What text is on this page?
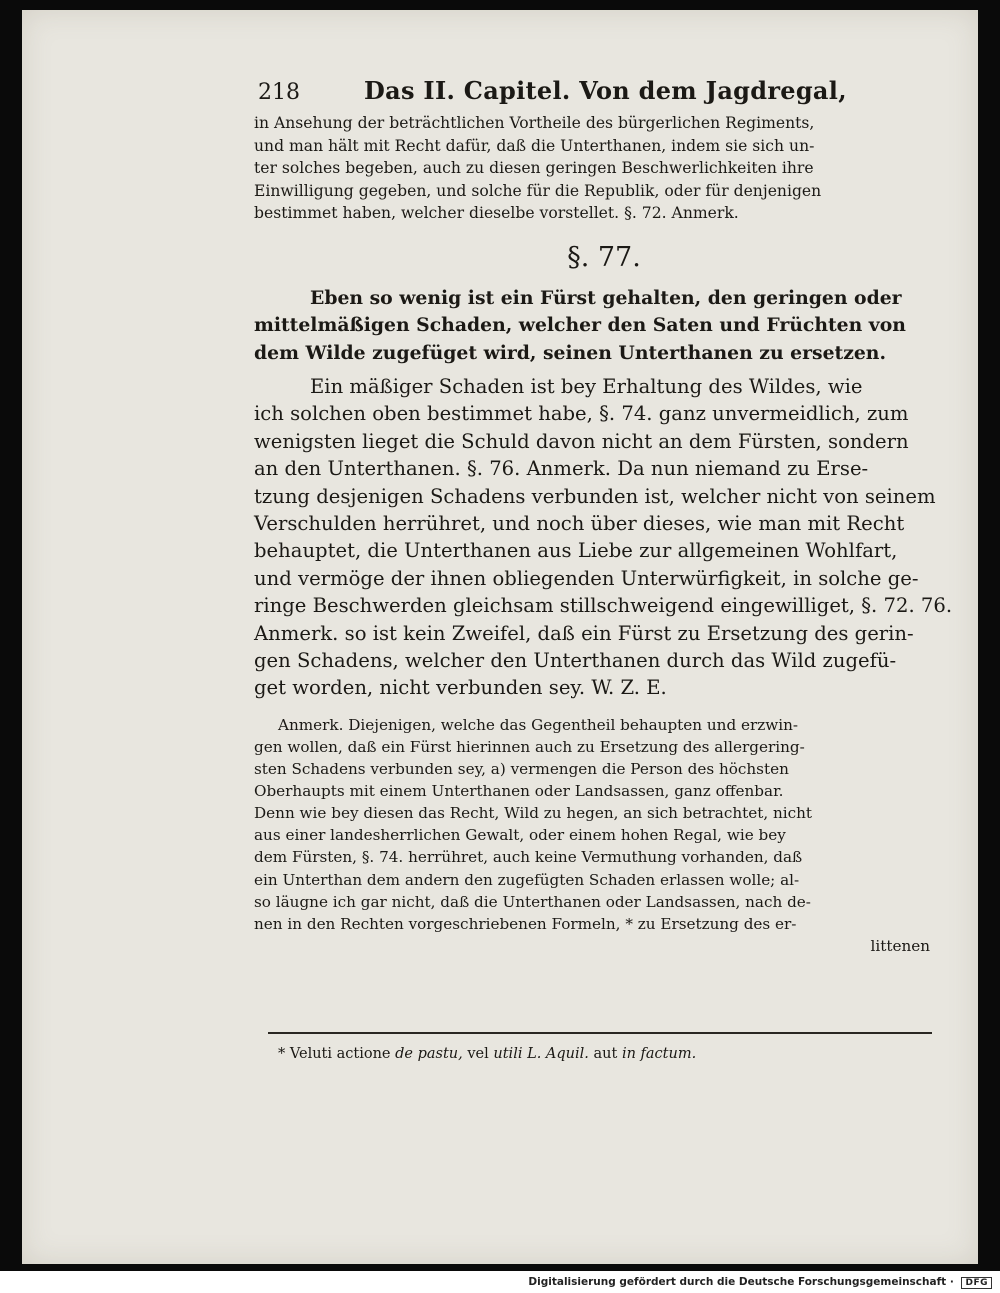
218	Das II. Capitel. Von dem Jagdregal,

in Ansehung der beträchtlichen Vortheile des bürgerlichen Regiments,
und man hält mit Recht dafür, daß die Unterthanen, indem sie sich un-
ter solches begeben, auch zu diesen geringen Beschwerlichkeiten ihre
Einwilligung gegeben, und solche für die Republik, oder für denjenigen
bestimmet haben, welcher dieselbe vorstellet. §. 72. Anmerk.

§. 77.

Eben so wenig ist ein Fürst gehalten, den geringen oder
mittelmäßigen Schaden, welcher den Saten und Früchten von
dem Wilde zugefüget wird, seinen Unterthanen zu ersetzen.

Ein mäßiger Schaden ist bey Erhaltung des Wildes, wie
ich solchen oben bestimmet habe, §. 74. ganz unvermeidlich, zum
wenigsten lieget die Schuld davon nicht an dem Fürsten, sondern
an den Unterthanen. §. 76. Anmerk. Da nun niemand zu Erse-
tzung desjenigen Schadens verbunden ist, welcher nicht von seinem
Verschulden herrühret, und noch über dieses, wie man mit Recht
behauptet, die Unterthanen aus Liebe zur allgemeinen Wohlfart,
und vermöge der ihnen obliegenden Unterwürfigkeit, in solche ge-
ringe Beschwerden gleichsam stillschweigend eingewilliget, §. 72. 76.
Anmerk. so ist kein Zweifel, daß ein Fürst zu Ersetzung des gerin-
gen Schadens, welcher den Unterthanen durch das Wild zugefü-
get worden, nicht verbunden sey. W. Z. E.

Anmerk. Diejenigen, welche das Gegentheil behaupten und erzwin-
gen wollen, daß ein Fürst hierinnen auch zu Ersetzung des allergering-
sten Schadens verbunden sey, a) vermengen die Person des höchsten
Oberhaupts mit einem Unterthanen oder Landsassen, ganz offenbar.
Denn wie bey diesen das Recht, Wild zu hegen, an sich betrachtet, nicht
aus einer landesherrlichen Gewalt, oder einem hohen Regal, wie bey
dem Fürsten, §. 74. herrühret, auch keine Vermuthung vorhanden, daß
ein Unterthan dem andern den zugefügten Schaden erlassen wolle; al-
so läugne ich gar nicht, daß die Unterthanen oder Landsassen, nach de-
nen in den Rechten vorgeschriebenen Formeln, * zu Ersetzung des er-
littenen

* Veluti actione de pastu, vel utili L. Aquil. aut in factum.
Digitalisierung gefördert durch die Deutsche Forschungsgemeinschaft · DFG
